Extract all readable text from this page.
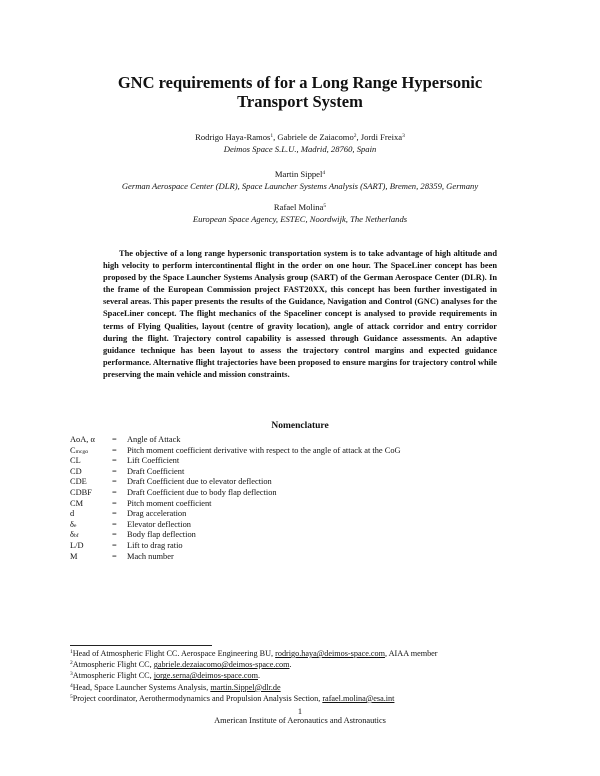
GNC requirements of for a Long Range Hypersonic
Transport System
Rodrigo Haya-Ramos$^1$, Gabriele de Zaiacomo$^2$, Jordi Freixa$^3$
Deimos Space S.L.U., Madrid, 28760, Spain
Martin Sippel$^4$
German Aerospace Center (DLR), Space Launcher Systems Analysis (SART), Bremen, 28359, Germany
Rafael Molina$^5$
European Space Agency, ESTEC, Noordwijk, The Netherlands

The objective of a long range hypersonic transportation system is to take advantage of high altitude and high velocity to perform intercontinental flight in the order on one hour. The SpaceLiner concept has been proposed by the Space Launcher Systems Analysis group (SART) of the German Aerospace Center (DLR). In the frame of the European Commission project FAST20XX, this concept has been further investigated in several areas. This paper presents the results of the Guidance, Navigation and Control (GNC) analyses for the SpaceLiner concept. The flight mechanics of the Spaceliner concept is analysed to provide requirements in terms of Flying Qualities, layout (centre of gravity location), angle of attack corridor and entry corridor during the flight. Trajectory control capability is assessed through Guidance assessments. An adaptive guidance technique has been layout to assess the trajectory control margins and expected guidance performance. Alternative flight trajectories have been proposed to ensure margins for trajectory control while preserving the main vehicle and mission constraints.

Nomenclature
AoA, α = Angle of Attack
$C_{mcg\alpha}$	= Pitch moment coefficient derivative with respect to the angle of attack at the CoG
CL	= Lift Coefficient
CD	= Draft Coefficient
CDE	= Draft Coefficient due to elevator deflection
CDBF = Draft Coefficient due to body flap deflection
CM	= Pitch moment coefficient
d	= Drag acceleration
$\delta_e$	= Elevator deflection
$\delta_{bf}$	= Body flap deflection
L/D	= Lift to drag ratio
M	= Mach number
$^1$Head of Atmospheric Flight CC. Aerospace Engineering BU, rodrigo.haya@deimos-space.com, AIAA member
$^2$Atmospheric Flight CC, gabriele.dezaiacomo@deimos-space.com.
$^3$Atmospheric Flight CC, jorge.serna@deimos-space.com.
$^4$Head, Space Launcher Systems Analysis, martin.Sippel@dlr.de
$^5$Project coordinator, Aerothermodynamics and Propulsion Analysis Section, rafael.molina@esa.int
1
American Institute of Aeronautics and Astronautics
